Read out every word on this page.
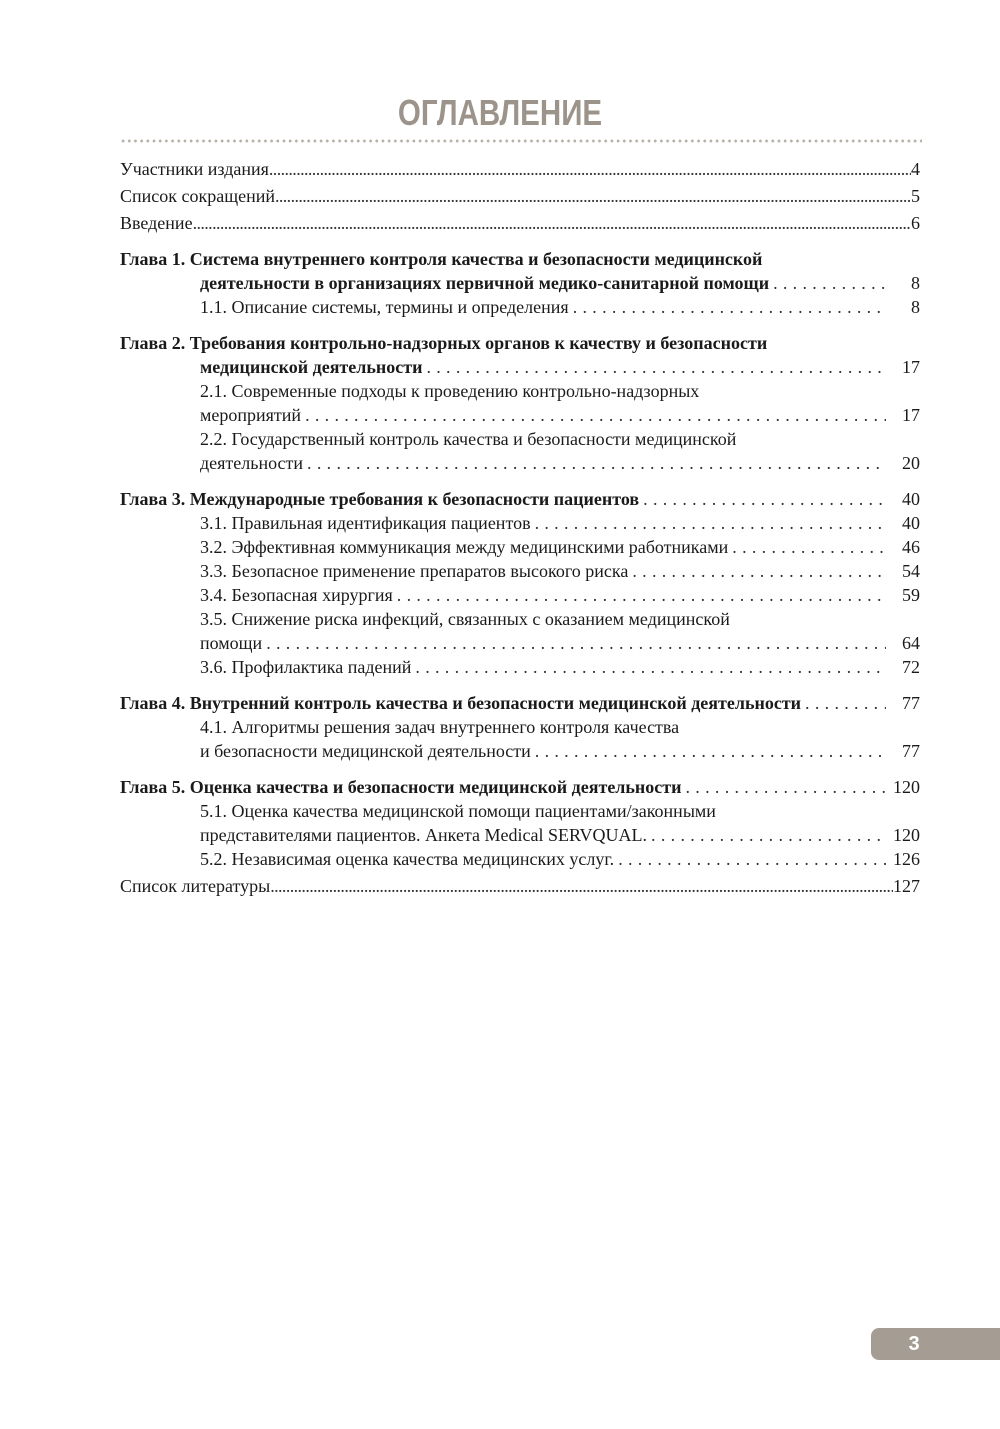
ОГЛАВЛЕНИЕ
Участники издания .....	4
Список сокращений .....	5
Введение .....	6
Глава 1. Система внутреннего контроля качества и безопасности медицинской
деятельности в организациях первичной медико-санитарной помощи . . .	8
1.1. Описание системы, термины и определения . . .	8
Глава 2. Требования контрольно-надзорных органов к качеству и безопасности
медицинской деятельности . . .	17
2.1. Современные подходы к проведению контрольно-надзорных
мероприятий . . .	17
2.2. Государственный контроль качества и безопасности медицинской
деятельности . . .	20
Глава 3. Международные требования к безопасности пациентов . . .	40
3.1. Правильная идентификация пациентов . . .	40
3.2. Эффективная коммуникация между медицинскими работниками . . .	46
3.3. Безопасное применение препаратов высокого риска . . .	54
3.4. Безопасная хирургия . . .	59
3.5. Снижение риска инфекций, связанных с оказанием медицинской
помощи . . .	64
3.6. Профилактика падений . . .	72
Глава 4. Внутренний контроль качества и безопасности медицинской деятельности . . .	77
4.1. Алгоритмы решения задач внутреннего контроля качества
и безопасности медицинской деятельности . . .	77
Глава 5. Оценка качества и безопасности медицинской деятельности . . .	120
5.1. Оценка качества медицинской помощи пациентами/законными
представителями пациентов. Анкета Medical SERVQUAL. . . .	120
5.2. Независимая оценка качества медицинских услуг. . . .	126
Список литературы .....	127
3
